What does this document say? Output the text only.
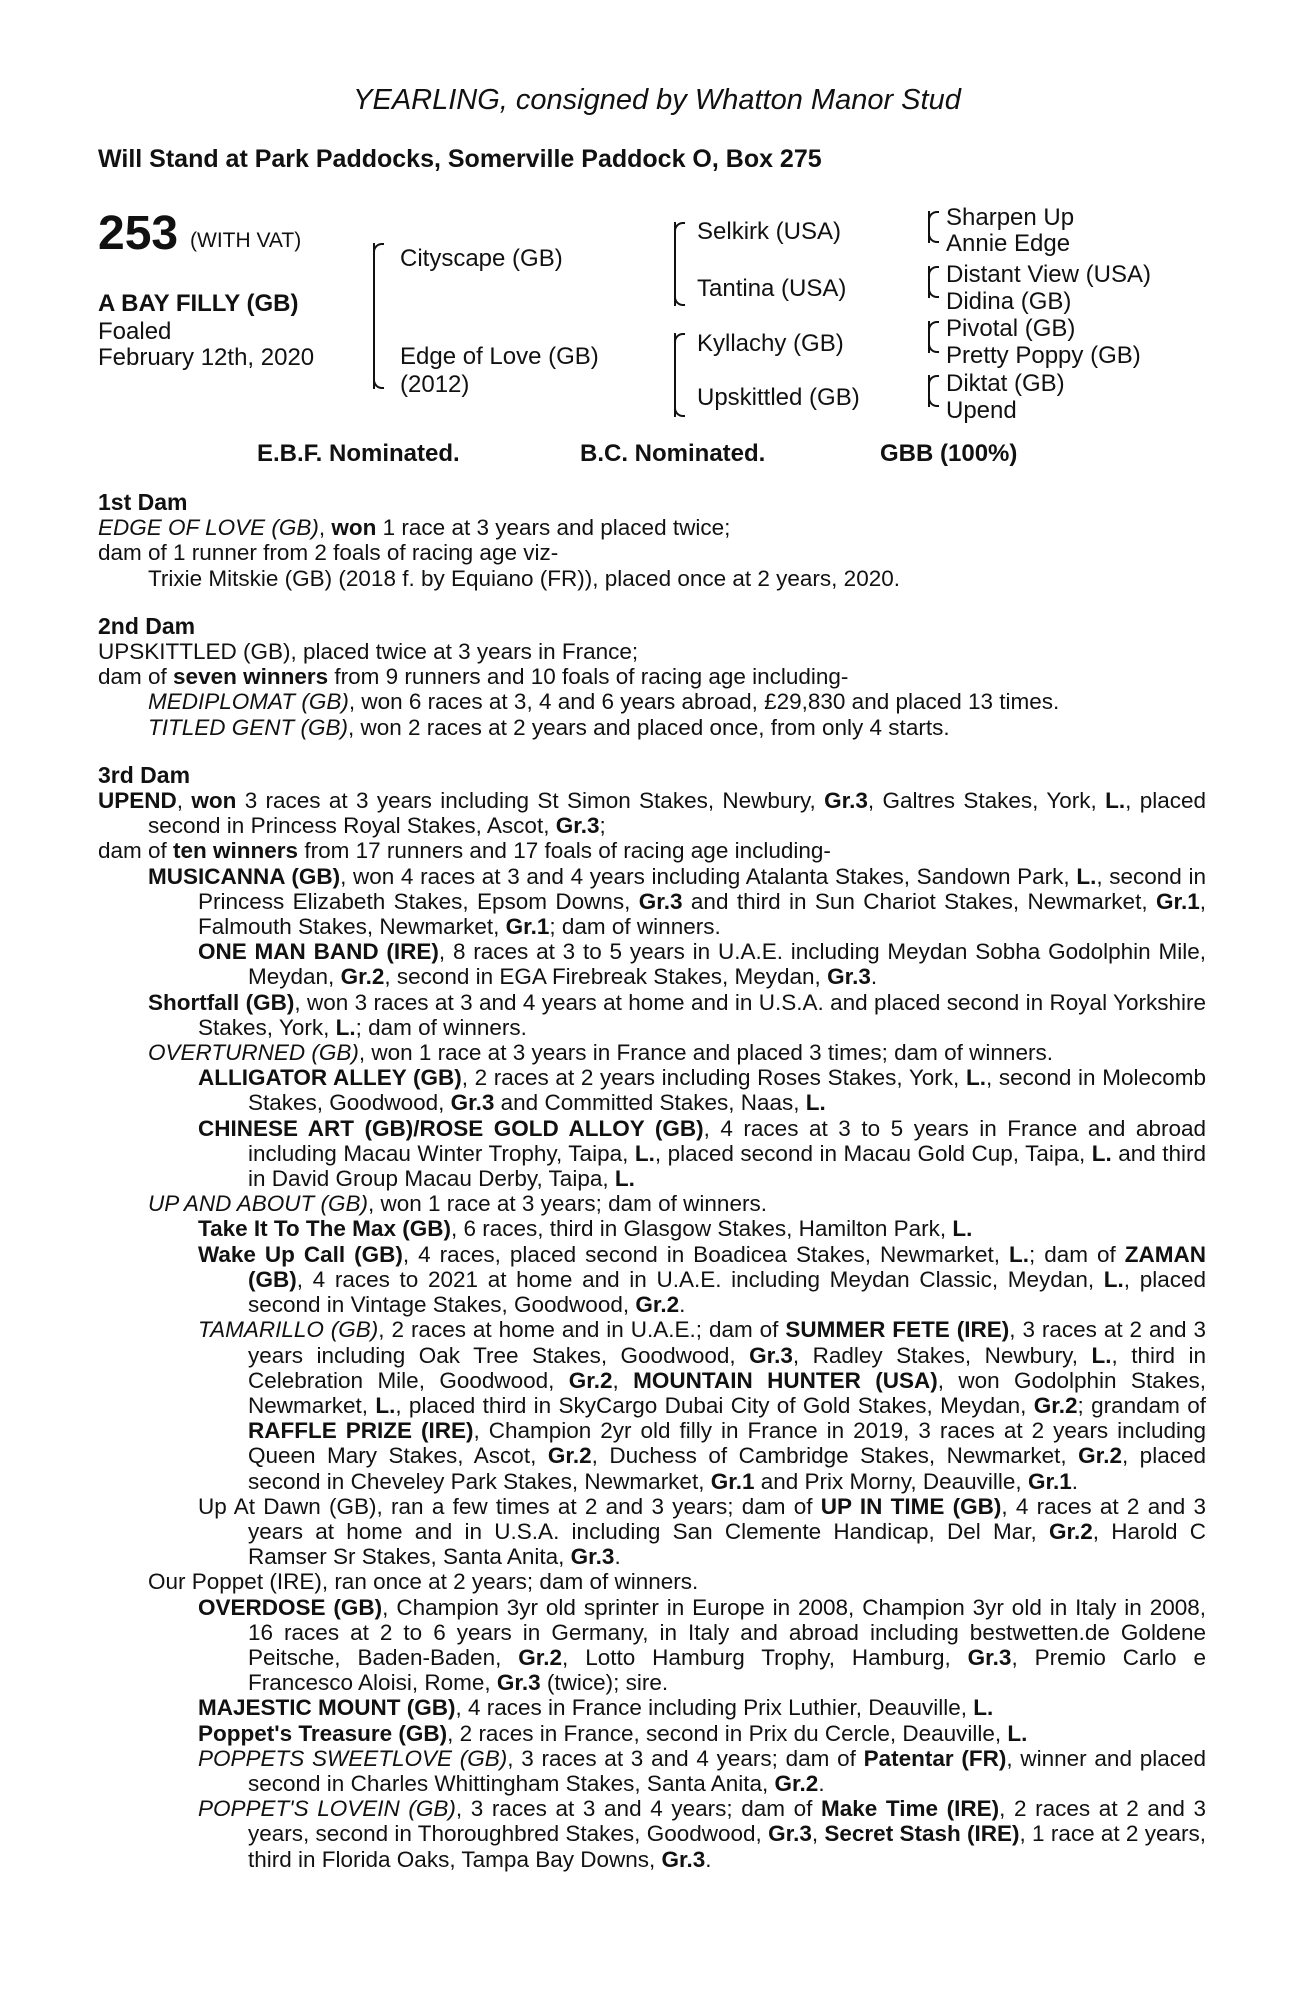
YEARLING, consigned by Whatton Manor Stud
Will Stand at Park Paddocks, Somerville Paddock O, Box 275
253 (WITH VAT)
A BAY FILLY (GB)
Foaled
February 12th, 2020
Cityscape (GB)
Edge of Love (GB)
(2012)
Selkirk (USA)
Tantina (USA)
Kyllachy (GB)
Upskittled (GB)
Sharpen Up
Annie Edge
Distant View (USA)
Didina (GB)
Pivotal (GB)
Pretty Poppy (GB)
Diktat (GB)
Upend
E.B.F. Nominated.	B.C. Nominated.	GBB (100%)
1st Dam
EDGE OF LOVE (GB), won 1 race at 3 years and placed twice;
dam of 1 runner from 2 foals of racing age viz-
Trixie Mitskie (GB) (2018 f. by Equiano (FR)), placed once at 2 years, 2020.
2nd Dam
UPSKITTLED (GB), placed twice at 3 years in France;
dam of seven winners from 9 runners and 10 foals of racing age including-
MEDIPLOMAT (GB), won 6 races at 3, 4 and 6 years abroad, £29,830 and placed 13 times.
TITLED GENT (GB), won 2 races at 2 years and placed once, from only 4 starts.
3rd Dam
UPEND, won 3 races at 3 years including St Simon Stakes, Newbury, Gr.3, Galtres Stakes, York, L., placed second in Princess Royal Stakes, Ascot, Gr.3;
dam of ten winners from 17 runners and 17 foals of racing age including-
MUSICANNA (GB), won 4 races at 3 and 4 years including Atalanta Stakes, Sandown Park, L., second in Princess Elizabeth Stakes, Epsom Downs, Gr.3 and third in Sun Chariot Stakes, Newmarket, Gr.1, Falmouth Stakes, Newmarket, Gr.1; dam of winners.
ONE MAN BAND (IRE), 8 races at 3 to 5 years in U.A.E. including Meydan Sobha Godolphin Mile, Meydan, Gr.2, second in EGA Firebreak Stakes, Meydan, Gr.3.
Shortfall (GB), won 3 races at 3 and 4 years at home and in U.S.A. and placed second in Royal Yorkshire Stakes, York, L.; dam of winners.
OVERTURNED (GB), won 1 race at 3 years in France and placed 3 times; dam of winners.
ALLIGATOR ALLEY (GB), 2 races at 2 years including Roses Stakes, York, L., second in Molecomb Stakes, Goodwood, Gr.3 and Committed Stakes, Naas, L.
CHINESE ART (GB)/ROSE GOLD ALLOY (GB), 4 races at 3 to 5 years in France and abroad including Macau Winter Trophy, Taipa, L., placed second in Macau Gold Cup, Taipa, L. and third in David Group Macau Derby, Taipa, L.
UP AND ABOUT (GB), won 1 race at 3 years; dam of winners.
Take It To The Max (GB), 6 races, third in Glasgow Stakes, Hamilton Park, L.
Wake Up Call (GB), 4 races, placed second in Boadicea Stakes, Newmarket, L.; dam of ZAMAN (GB), 4 races to 2021 at home and in U.A.E. including Meydan Classic, Meydan, L., placed second in Vintage Stakes, Goodwood, Gr.2.
TAMARILLO (GB), 2 races at home and in U.A.E.; dam of SUMMER FETE (IRE), 3 races at 2 and 3 years including Oak Tree Stakes, Goodwood, Gr.3, Radley Stakes, Newbury, L., third in Celebration Mile, Goodwood, Gr.2, MOUNTAIN HUNTER (USA), won Godolphin Stakes, Newmarket, L., placed third in SkyCargo Dubai City of Gold Stakes, Meydan, Gr.2; grandam of RAFFLE PRIZE (IRE), Champion 2yr old filly in France in 2019, 3 races at 2 years including Queen Mary Stakes, Ascot, Gr.2, Duchess of Cambridge Stakes, Newmarket, Gr.2, placed second in Cheveley Park Stakes, Newmarket, Gr.1 and Prix Morny, Deauville, Gr.1.
Up At Dawn (GB), ran a few times at 2 and 3 years; dam of UP IN TIME (GB), 4 races at 2 and 3 years at home and in U.S.A. including San Clemente Handicap, Del Mar, Gr.2, Harold C Ramser Sr Stakes, Santa Anita, Gr.3.
Our Poppet (IRE), ran once at 2 years; dam of winners.
OVERDOSE (GB), Champion 3yr old sprinter in Europe in 2008, Champion 3yr old in Italy in 2008, 16 races at 2 to 6 years in Germany, in Italy and abroad including bestwetten.de Goldene Peitsche, Baden-Baden, Gr.2, Lotto Hamburg Trophy, Hamburg, Gr.3, Premio Carlo e Francesco Aloisi, Rome, Gr.3 (twice); sire.
MAJESTIC MOUNT (GB), 4 races in France including Prix Luthier, Deauville, L.
Poppet's Treasure (GB), 2 races in France, second in Prix du Cercle, Deauville, L.
POPPETS SWEETLOVE (GB), 3 races at 3 and 4 years; dam of Patentar (FR), winner and placed second in Charles Whittingham Stakes, Santa Anita, Gr.2.
POPPET'S LOVEIN (GB), 3 races at 3 and 4 years; dam of Make Time (IRE), 2 races at 2 and 3 years, second in Thoroughbred Stakes, Goodwood, Gr.3, Secret Stash (IRE), 1 race at 2 years, third in Florida Oaks, Tampa Bay Downs, Gr.3.
